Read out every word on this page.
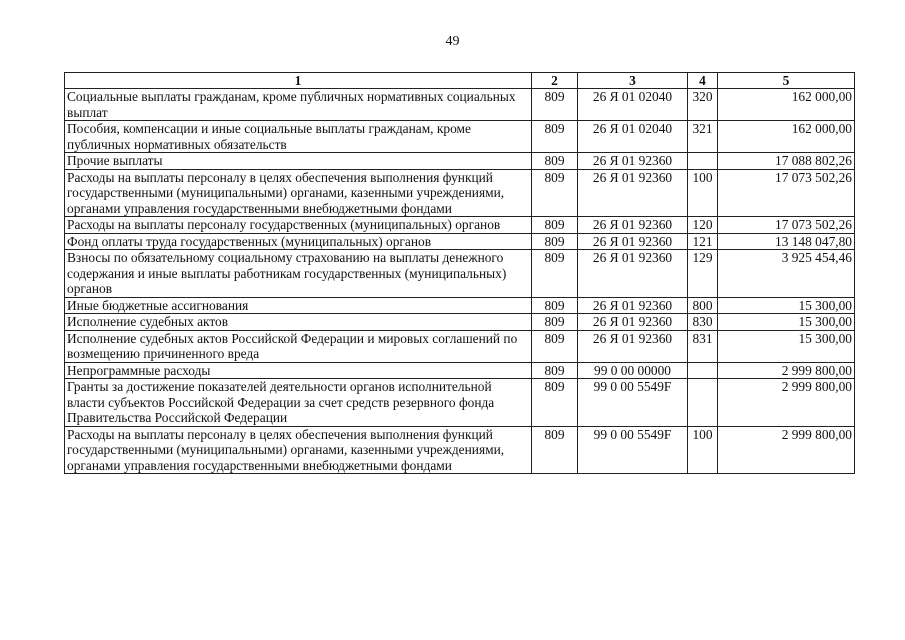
49
1	2	3	4	5
Социальные выплаты гражданам, кроме публичных нормативных социальных выплат	809	26 Я 01 02040	320	162 000,00
Пособия, компенсации и иные социальные выплаты гражданам, кроме публичных нормативных обязательств	809	26 Я 01 02040	321	162 000,00
Прочие выплаты	809	26 Я 01 92360		17 088 802,26
Расходы на выплаты персоналу в целях обеспечения выполнения функций государственными (муниципальными) органами, казенными учреждениями, органами управления государственными внебюджетными фондами	809	26 Я 01 92360	100	17 073 502,26
Расходы на выплаты персоналу государственных (муниципальных) органов	809	26 Я 01 92360	120	17 073 502,26
Фонд оплаты труда государственных (муниципальных) органов	809	26 Я 01 92360	121	13 148 047,80
Взносы по обязательному социальному страхованию на выплаты денежного содержания и иные выплаты работникам государственных (муниципальных) органов	809	26 Я 01 92360	129	3 925 454,46
Иные бюджетные ассигнования	809	26 Я 01 92360	800	15 300,00
Исполнение судебных актов	809	26 Я 01 92360	830	15 300,00
Исполнение судебных актов Российской Федерации и мировых соглашений по возмещению причиненного вреда	809	26 Я 01 92360	831	15 300,00
Непрограммные расходы	809	99 0 00 00000		2 999 800,00
Гранты за достижение показателей деятельности органов исполнительной власти субъектов Российской Федерации за счет средств резервного фонда Правительства Российской Федерации	809	99 0 00 5549F		2 999 800,00
Расходы на выплаты персоналу в целях обеспечения выполнения функций государственными (муниципальными) органами, казенными учреждениями, органами управления государственными внебюджетными фондами	809	99 0 00 5549F	100	2 999 800,00
